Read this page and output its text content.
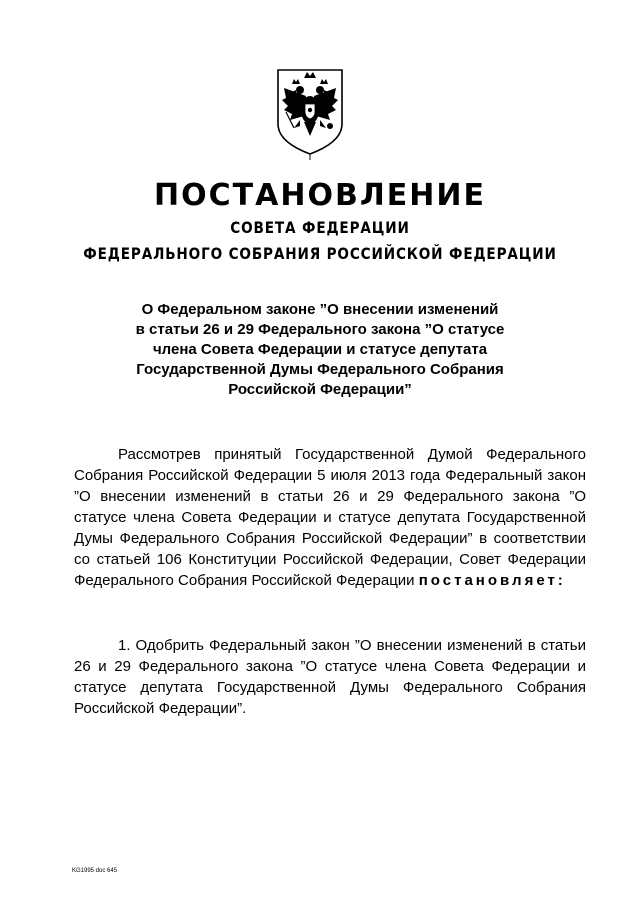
ПОСТАНОВЛЕНИЕ
СОВЕТА ФЕДЕРАЦИИ
ФЕДЕРАЛЬНОГО СОБРАНИЯ РОССИЙСКОЙ ФЕДЕРАЦИИ
О Федеральном законе ”О внесении изменений
в статьи 26 и 29 Федерального закона ”О статусе
члена Совета Федерации и статусе депутата
Государственной Думы Федерального Собрания
Российской Федерации”
Рассмотрев принятый Государственной Думой Федерального Собрания Российской Федерации 5 июля 2013 года Федеральный закон ”О внесении изменений в статьи 26 и 29 Федерального закона ”О статусе члена Совета Федерации и статусе депутата Государственной Думы Федерального Собрания Российской Федерации” в соответствии со статьей 106 Конституции Российской Федерации, Совет Федерации Федерального Собрания Российской Федерации постановляет:
1. Одобрить Федеральный закон ”О внесении изменений в статьи 26 и 29 Федерального закона ”О статусе члена Совета Федерации и статусе депутата Государственной Думы Федерального Собрания Российской Федерации”.
KG1995 doc 645
